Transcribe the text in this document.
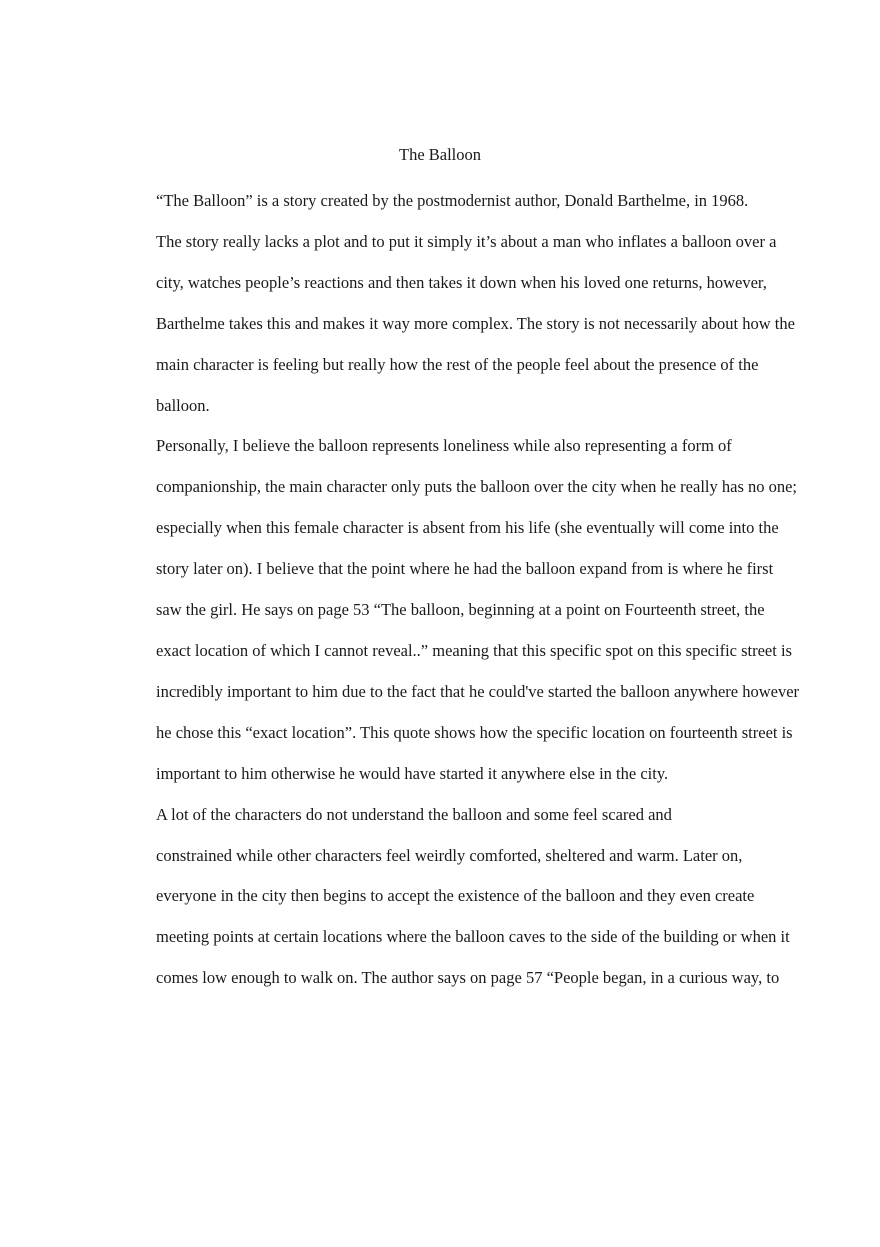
The Balloon

“The Balloon” is a story created by the postmodernist author, Donald Barthelme, in 1968.
The story really lacks a plot and to put it simply it’s about a man who inflates a balloon over a
city, watches people’s reactions and then takes it down when his loved one returns, however,
Barthelme takes this and makes it way more complex. The story is not necessarily about how the
main character is feeling but really how the rest of the people feel about the presence of the
balloon.

Personally, I believe the balloon represents loneliness while also representing a form of
companionship, the main character only puts the balloon over the city when he really has no one;
especially when this female character is absent from his life (she eventually will come into the
story later on). I believe that the point where he had the balloon expand from is where he first
saw the girl. He says on page 53 “The balloon, beginning at a point on Fourteenth street, the
exact location of which I cannot reveal..” meaning that this specific spot on this specific street is
incredibly important to him due to the fact that he could've started the balloon anywhere however
he chose this “exact location”. This quote shows how the specific location on fourteenth street is
important to him otherwise he would have started it anywhere else in the city.

A lot of the characters do not understand the balloon and some feel scared and
constrained while other characters feel weirdly comforted, sheltered and warm. Later on,
everyone in the city then begins to accept the existence of the balloon and they even create
meeting points at certain locations where the balloon caves to the side of the building or when it
comes low enough to walk on. The author says on page 57 “People began, in a curious way, to
